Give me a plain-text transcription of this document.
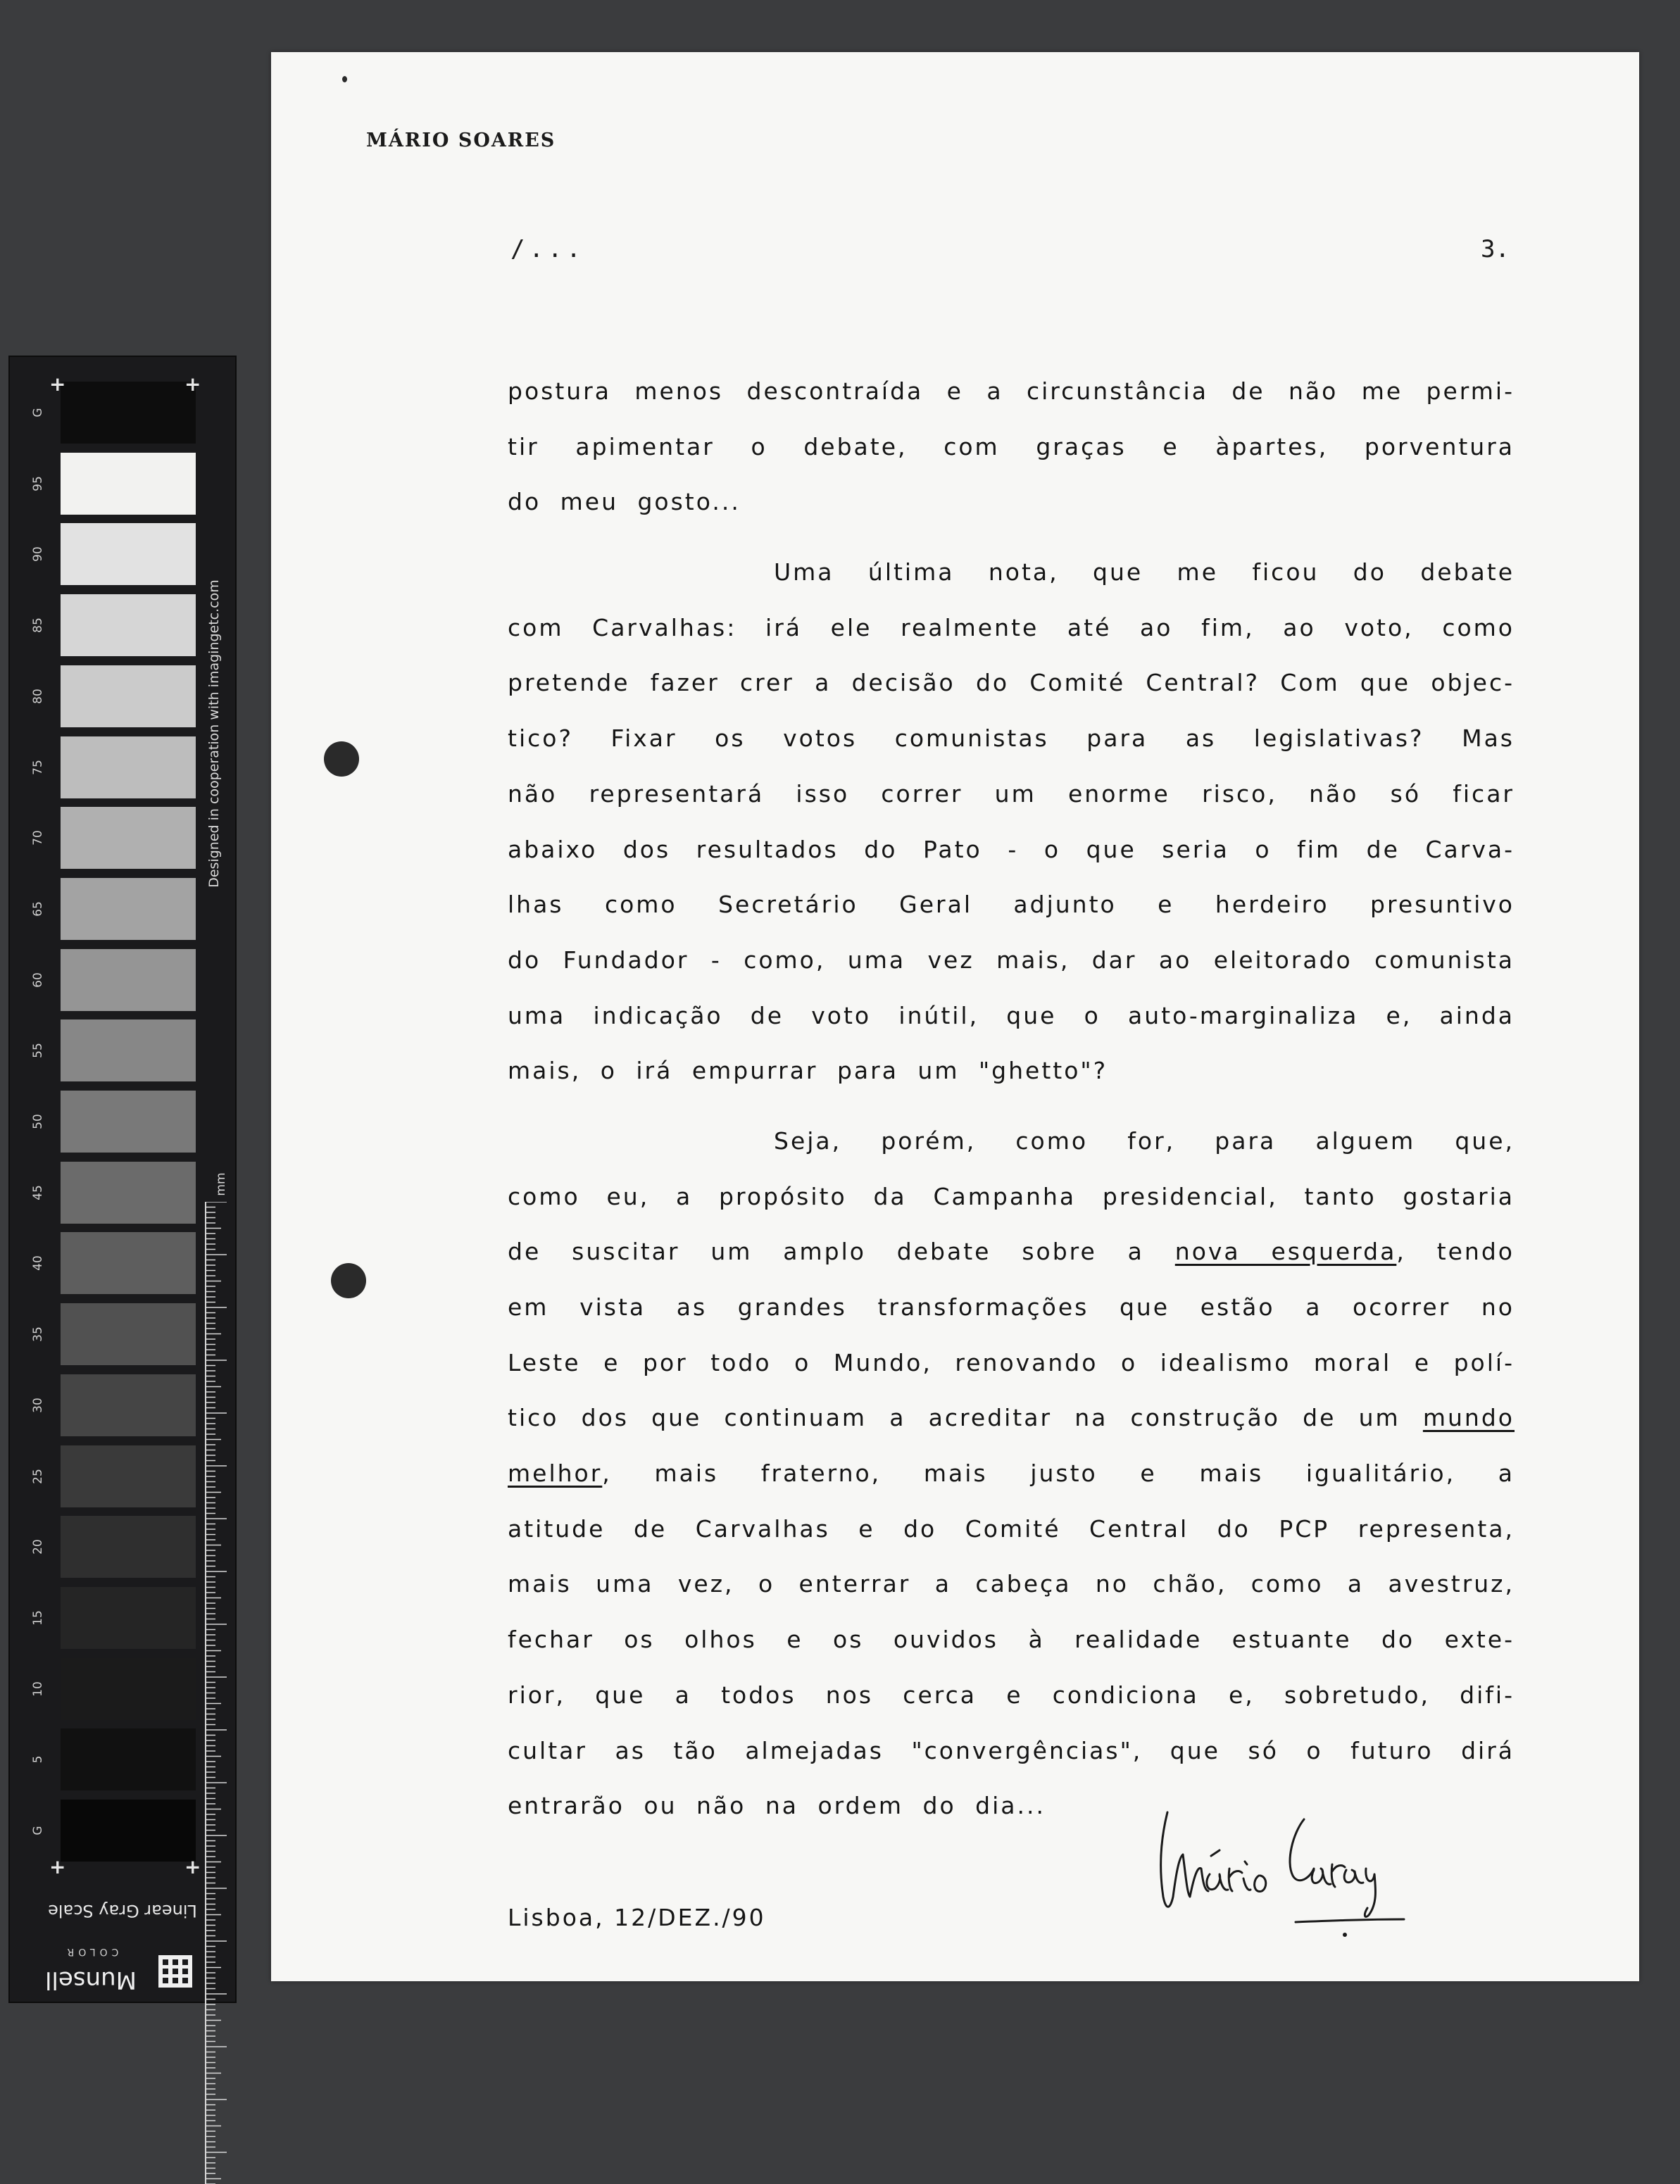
G
95
90
85
80
75
70
65
60
55
50
45
40
35
30
25
20
15
10
5
G
+	+
+	+
Designed in cooperation with imagingetc.com
mm
Linear Gray Scale
COLOR
Munsell
MÁRIO SOARES
/...	3.
postura menos descontraída e a circunstância de não me permi-
tir apimentar o debate, com graças e àpartes, porventura
do meu gosto...
Uma última nota, que me ficou do debate
com Carvalhas: irá ele realmente até ao fim, ao voto, como
pretende fazer crer a decisão do Comité Central? Com que objec-
tico? Fixar os votos comunistas para as legislativas? Mas
não representará isso correr um enorme risco, não só ficar
abaixo dos resultados do Pato - o que seria o fim de Carva-
lhas como Secretário Geral adjunto e herdeiro presuntivo
do Fundador - como, uma vez mais, dar ao eleitorado comunista
uma indicação de voto inútil, que o auto-marginaliza e, ainda
mais, o irá empurrar para um "ghetto"?
Seja, porém, como for, para alguem que,
como eu, a propósito da Campanha presidencial, tanto gostaria
de suscitar um amplo debate sobre a nova esquerda, tendo
em vista as grandes transformações que estão a ocorrer no
Leste e por todo o Mundo, renovando o idealismo moral e polí-
tico dos que continuam a acreditar na construção de um mundo
melhor, mais fraterno, mais justo e mais igualitário, a
atitude de Carvalhas e do Comité Central do PCP representa,
mais uma vez, o enterrar a cabeça no chão, como a avestruz,
fechar os olhos e os ouvidos à realidade estuante do exte-
rior, que a todos nos cerca e condiciona e, sobretudo, difi-
cultar as tão almejadas "convergências", que só o futuro dirá
entrarão ou não na ordem do dia...
Mário Soares
Lisboa, 12/DEZ./90
